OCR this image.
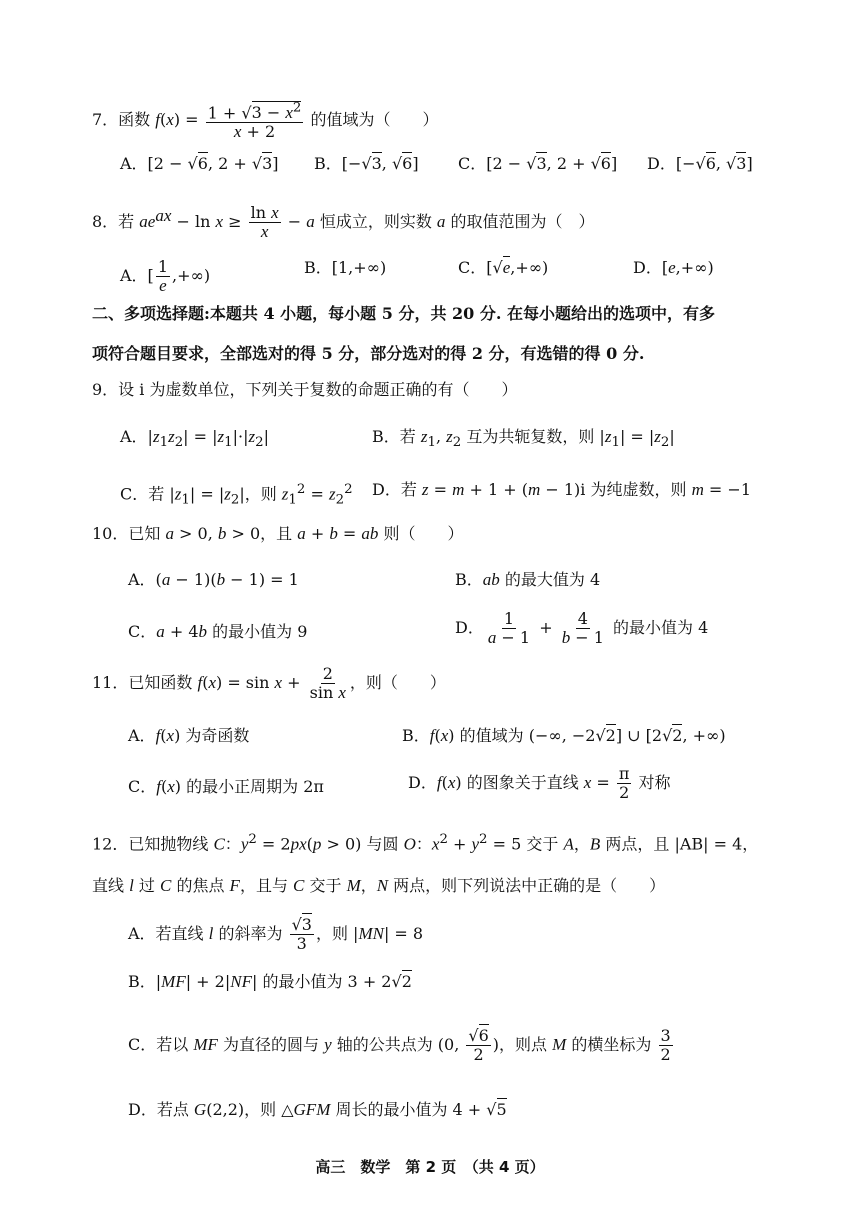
7．函数 $f(x) = \frac{1 + √3 - x^2}{x + 2}$ 的值域为（　　）
A．[2 − √6, 2 + √3] B．[−√3, √6] C．[2 − √3, 2 + √6] D．[−√6, √3]
8．若 $ae^{ax} - \ln x \ge \frac{\text{ln x}}{x} - a$ 恒成立，则实数 a 的取值范围为（　）
A．[ $\frac{1}{e}$ ,+∞)	B．[1,+∞)	C．[√e,+∞)	D．[e,+∞)
二、多项选择题:本题共 4 小题，每小题 5 分，共 20 分. 在每小题给出的选项中，有多
项符合题目要求，全部选对的得 5 分，部分选对的得 2 分，有选错的得 0 分.
9．设 i 为虚数单位，下列关于复数的命题正确的有（　　）
A．$|z_1z_2| = |z_1|\cdot|z_2|$	B．若 $z_1$, $z_2$ 互为共轭复数，则 $|z_1| = |z_2|$
C．若 $|z_1| = |z_2|$，则 $z_1^2 = z_2^2$ D．若 z = m + 1 + (m − 1)i 为纯虚数，则 m = −1
10．已知 a > 0, b > 0，且 a + b = ab 则（　　）
A．(a − 1)(b − 1) = 1	B．ab 的最大值为 4
C．a + 4b 的最小值为 9	D． $\frac{1}{a - 1} + \frac{4}{b - 1}$ 的最小值为 4
11．已知函数 $f(x) = \sin x + \frac{2}{\text{sin x}}$ ，则（　　）
A．f(x) 为奇函数	B．f(x) 的值域为 (−∞, −2√2] ∪ [2√2, +∞)
C．f(x) 的最小正周期为 2π	D．f(x) 的图象关于直线 $x = \frac{\pi}{2}$ 对称
12．已知抛物线 C：$y^2 = 2px(p > 0)$ 与圆 O：$x^2 + y^2 = 5$ 交于 A，B 两点，且 |AB| = 4，
直线 l 过 C 的焦点 F，且与 C 交于 M，N 两点，则下列说法中正确的是（　　）
A．若直线 l 的斜率为 $\frac{√3}{3}$ ，则 |MN| = 8
B．|MF| + 2|NF| 的最小值为 3 + 2√2
C．若以 MF 为直径的圆与 y 轴的公共点为 (0, $\frac{√6}{2}$ )，则点 M 的横坐标为 $\frac{3}{2}$
D．若点 G(2,2)，则 △GFM 周长的最小值为 4 + √5
高三　数学　第 2 页　（共 4 页）
